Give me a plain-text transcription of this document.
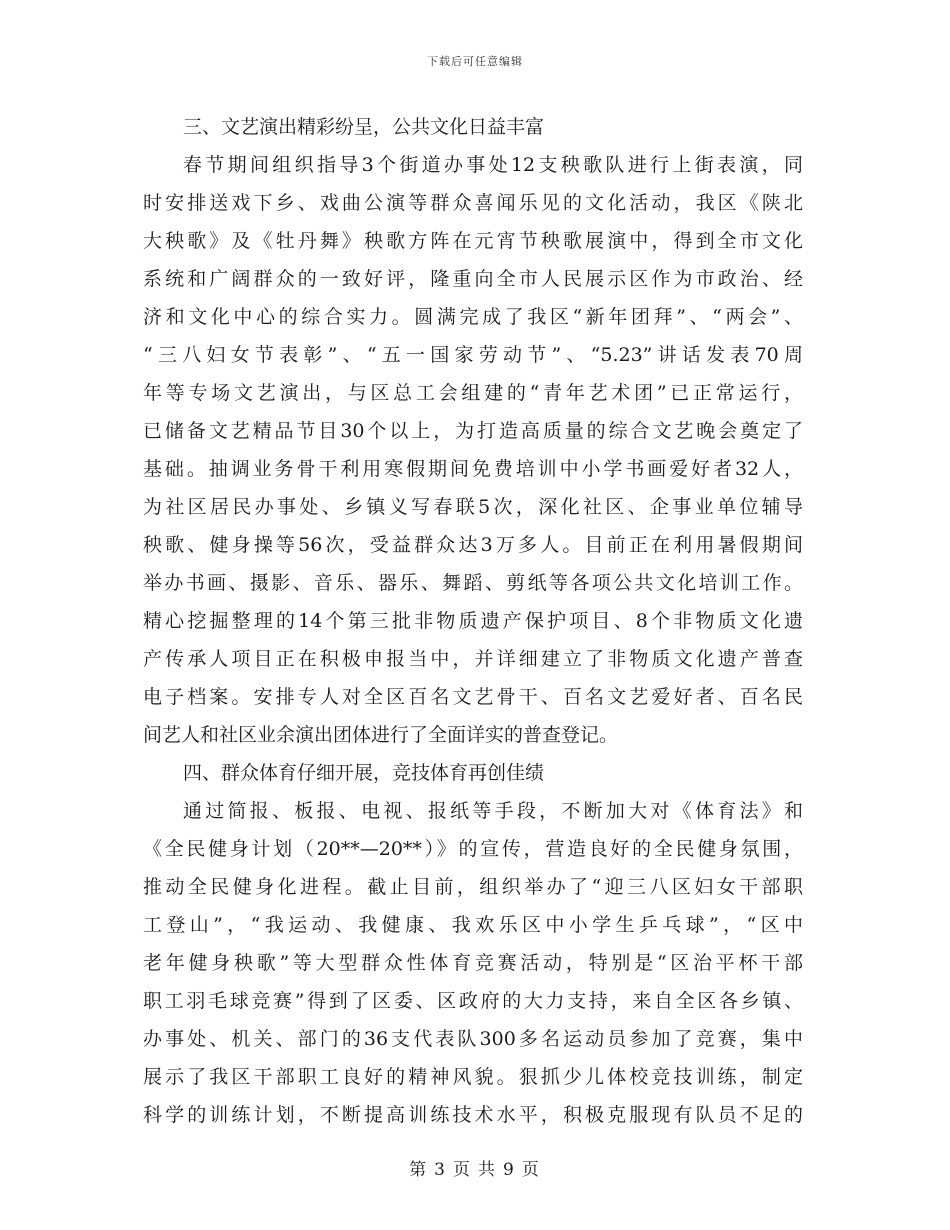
下载后可任意编辑
三、文艺演出精彩纷呈，公共文化日益丰富
春节期间组织指导3个街道办事处12支秧歌队进行上街表演，同
时安排送戏下乡、戏曲公演等群众喜闻乐见的文化活动，我区《陕北
大秧歌》及《牡丹舞》秧歌方阵在元宵节秧歌展演中，得到全市文化
系统和广阔群众的一致好评，隆重向全市人民展示区作为市政治、经
济和文化中心的综合实力。圆满完成了我区“新年团拜”、“两会”、
“三八妇女节表彰”、“五一国家劳动节”、“5.23”讲话发表70周
年等专场文艺演出，与区总工会组建的“青年艺术团”已正常运行，
已储备文艺精品节目30个以上，为打造高质量的综合文艺晚会奠定了
基础。抽调业务骨干利用寒假期间免费培训中小学书画爱好者32人，
为社区居民办事处、乡镇义写春联5次，深化社区、企事业单位辅导
秧歌、健身操等56次，受益群众达3万多人。目前正在利用暑假期间
举办书画、摄影、音乐、器乐、舞蹈、剪纸等各项公共文化培训工作。
精心挖掘整理的14个第三批非物质遗产保护项目、8个非物质文化遗
产传承人项目正在积极申报当中，并详细建立了非物质文化遗产普查
电子档案。安排专人对全区百名文艺骨干、百名文艺爱好者、百名民
间艺人和社区业余演出团体进行了全面详实的普查登记。
四、群众体育仔细开展，竞技体育再创佳绩
通过简报、板报、电视、报纸等手段，不断加大对《体育法》和
《全民健身计划（20**—20**）》的宣传，营造良好的全民健身氛围，
推动全民健身化进程。截止目前，组织举办了“迎三八区妇女干部职
工登山”，“我运动、我健康、我欢乐区中小学生乒乓球”，“区中
老年健身秧歌”等大型群众性体育竞赛活动，特别是“区治平杯干部
职工羽毛球竞赛”得到了区委、区政府的大力支持，来自全区各乡镇、
办事处、机关、部门的36支代表队300多名运动员参加了竞赛，集中
展示了我区干部职工良好的精神风貌。狠抓少儿体校竞技训练，制定
科学的训练计划，不断提高训练技术水平，积极克服现有队员不足的
第 3 页 共 9 页
